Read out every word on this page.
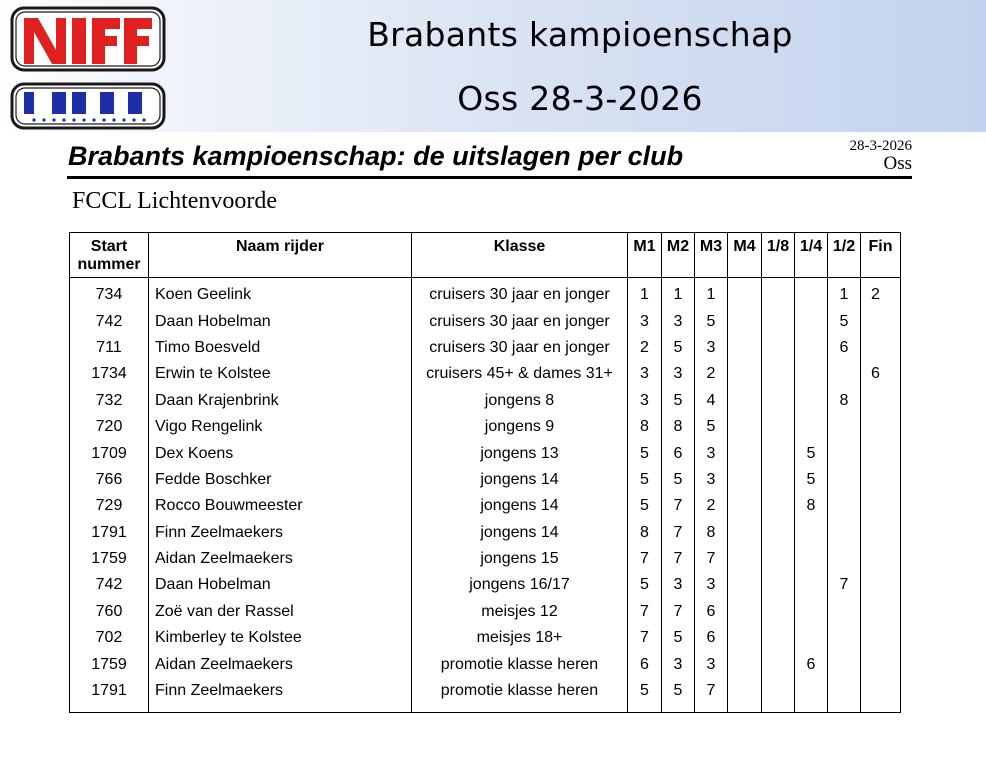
Brabants kampioenschap
Oss 28-3-2026
Brabants kampioenschap: de uitslagen per club	28-3-2026
Oss
FCCL Lichtenvoorde
Start
nummer	Naam rijder	Klasse	M1	M2	M3	M4	1/8	1/4	1/2	Fin
734	Koen Geelink	cruisers 30 jaar en jonger	1	1	1				1	2
742	Daan Hobelman	cruisers 30 jaar en jonger	3	3	5				5	
711	Timo Boesveld	cruisers 30 jaar en jonger	2	5	3				6	
1734	Erwin te Kolstee	cruisers 45+ & dames 31+	3	3	2					6
732	Daan Krajenbrink	jongens 8	3	5	4				8	
720	Vigo Rengelink	jongens 9	8	8	5					
1709	Dex Koens	jongens 13	5	6	3			5		
766	Fedde Boschker	jongens 14	5	5	3			5		
729	Rocco Bouwmeester	jongens 14	5	7	2			8		
1791	Finn Zeelmaekers	jongens 14	8	7	8					
1759	Aidan Zeelmaekers	jongens 15	7	7	7					
742	Daan Hobelman	jongens 16/17	5	3	3				7	
760	Zoë van der Rassel	meisjes 12	7	7	6					
702	Kimberley te Kolstee	meisjes 18+	7	5	6					
1759	Aidan Zeelmaekers	promotie klasse heren	6	3	3			6		
1791	Finn Zeelmaekers	promotie klasse heren	5	5	7					
